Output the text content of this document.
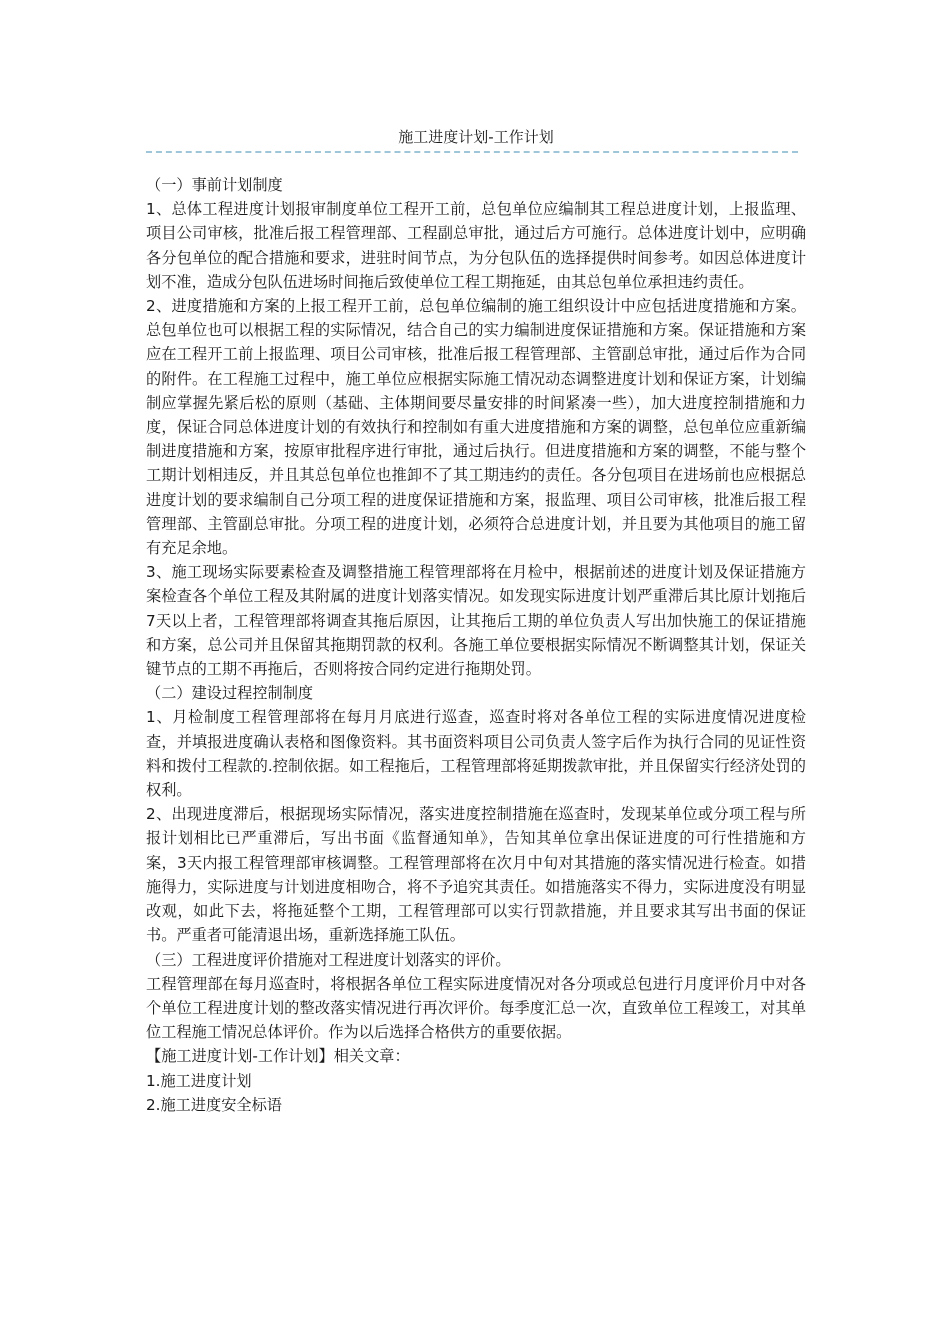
施工进度计划-工作计划

（一）事前计划制度

1、总体工程进度计划报审制度单位工程开工前，总包单位应编制其工程总进度计划，上报监理、项目公司审核，批准后报工程管理部、工程副总审批，通过后方可施行。总体进度计划中，应明确各分包单位的配合措施和要求，进驻时间节点，为分包队伍的选择提供时间参考。如因总体进度计划不准，造成分包队伍进场时间拖后致使单位工程工期拖延，由其总包单位承担违约责任。

2、进度措施和方案的上报工程开工前，总包单位编制的施工组织设计中应包括进度措施和方案。总包单位也可以根据工程的实际情况，结合自己的实力编制进度保证措施和方案。保证措施和方案应在工程开工前上报监理、项目公司审核，批准后报工程管理部、主管副总审批，通过后作为合同的附件。在工程施工过程中，施工单位应根据实际施工情况动态调整进度计划和保证方案，计划编制应掌握先紧后松的原则（基础、主体期间要尽量安排的时间紧凑一些），加大进度控制措施和力度，保证合同总体进度计划的有效执行和控制如有重大进度措施和方案的调整，总包单位应重新编制进度措施和方案，按原审批程序进行审批，通过后执行。但进度措施和方案的调整，不能与整个工期计划相违反，并且其总包单位也推卸不了其工期违约的责任。各分包项目在进场前也应根据总进度计划的要求编制自己分项工程的进度保证措施和方案，报监理、项目公司审核，批准后报工程管理部、主管副总审批。分项工程的进度计划，必须符合总进度计划，并且要为其他项目的施工留有充足余地。

3、施工现场实际要素检查及调整措施工程管理部将在月检中，根据前述的进度计划及保证措施方案检查各个单位工程及其附属的进度计划落实情况。如发现实际进度计划严重滞后其比原计划拖后7天以上者，工程管理部将调查其拖后原因，让其拖后工期的单位负责人写出加快施工的保证措施和方案，总公司并且保留其拖期罚款的权利。各施工单位要根据实际情况不断调整其计划，保证关键节点的工期不再拖后，否则将按合同约定进行拖期处罚。

（二）建设过程控制制度

1、月检制度工程管理部将在每月月底进行巡查，巡查时将对各单位工程的实际进度情况进度检查，并填报进度确认表格和图像资料。其书面资料项目公司负责人签字后作为执行合同的见证性资料和拨付工程款的.控制依据。如工程拖后，工程管理部将延期拨款审批，并且保留实行经济处罚的权利。

2、出现进度滞后，根据现场实际情况，落实进度控制措施在巡查时，发现某单位或分项工程与所报计划相比已严重滞后，写出书面《监督通知单》，告知其单位拿出保证进度的可行性措施和方案，3天内报工程管理部审核调整。工程管理部将在次月中旬对其措施的落实情况进行检查。如措施得力，实际进度与计划进度相吻合，将不予追究其责任。如措施落实不得力，实际进度没有明显改观，如此下去，将拖延整个工期，工程管理部可以实行罚款措施，并且要求其写出书面的保证书。严重者可能清退出场，重新选择施工队伍。

（三）工程进度评价措施对工程进度计划落实的评价。

工程管理部在每月巡查时，将根据各单位工程实际进度情况对各分项或总包进行月度评价月中对各个单位工程进度计划的整改落实情况进行再次评价。每季度汇总一次，直致单位工程竣工，对其单位工程施工情况总体评价。作为以后选择合格供方的重要依据。

【施工进度计划-工作计划】相关文章：

1.施工进度计划

2.施工进度安全标语
